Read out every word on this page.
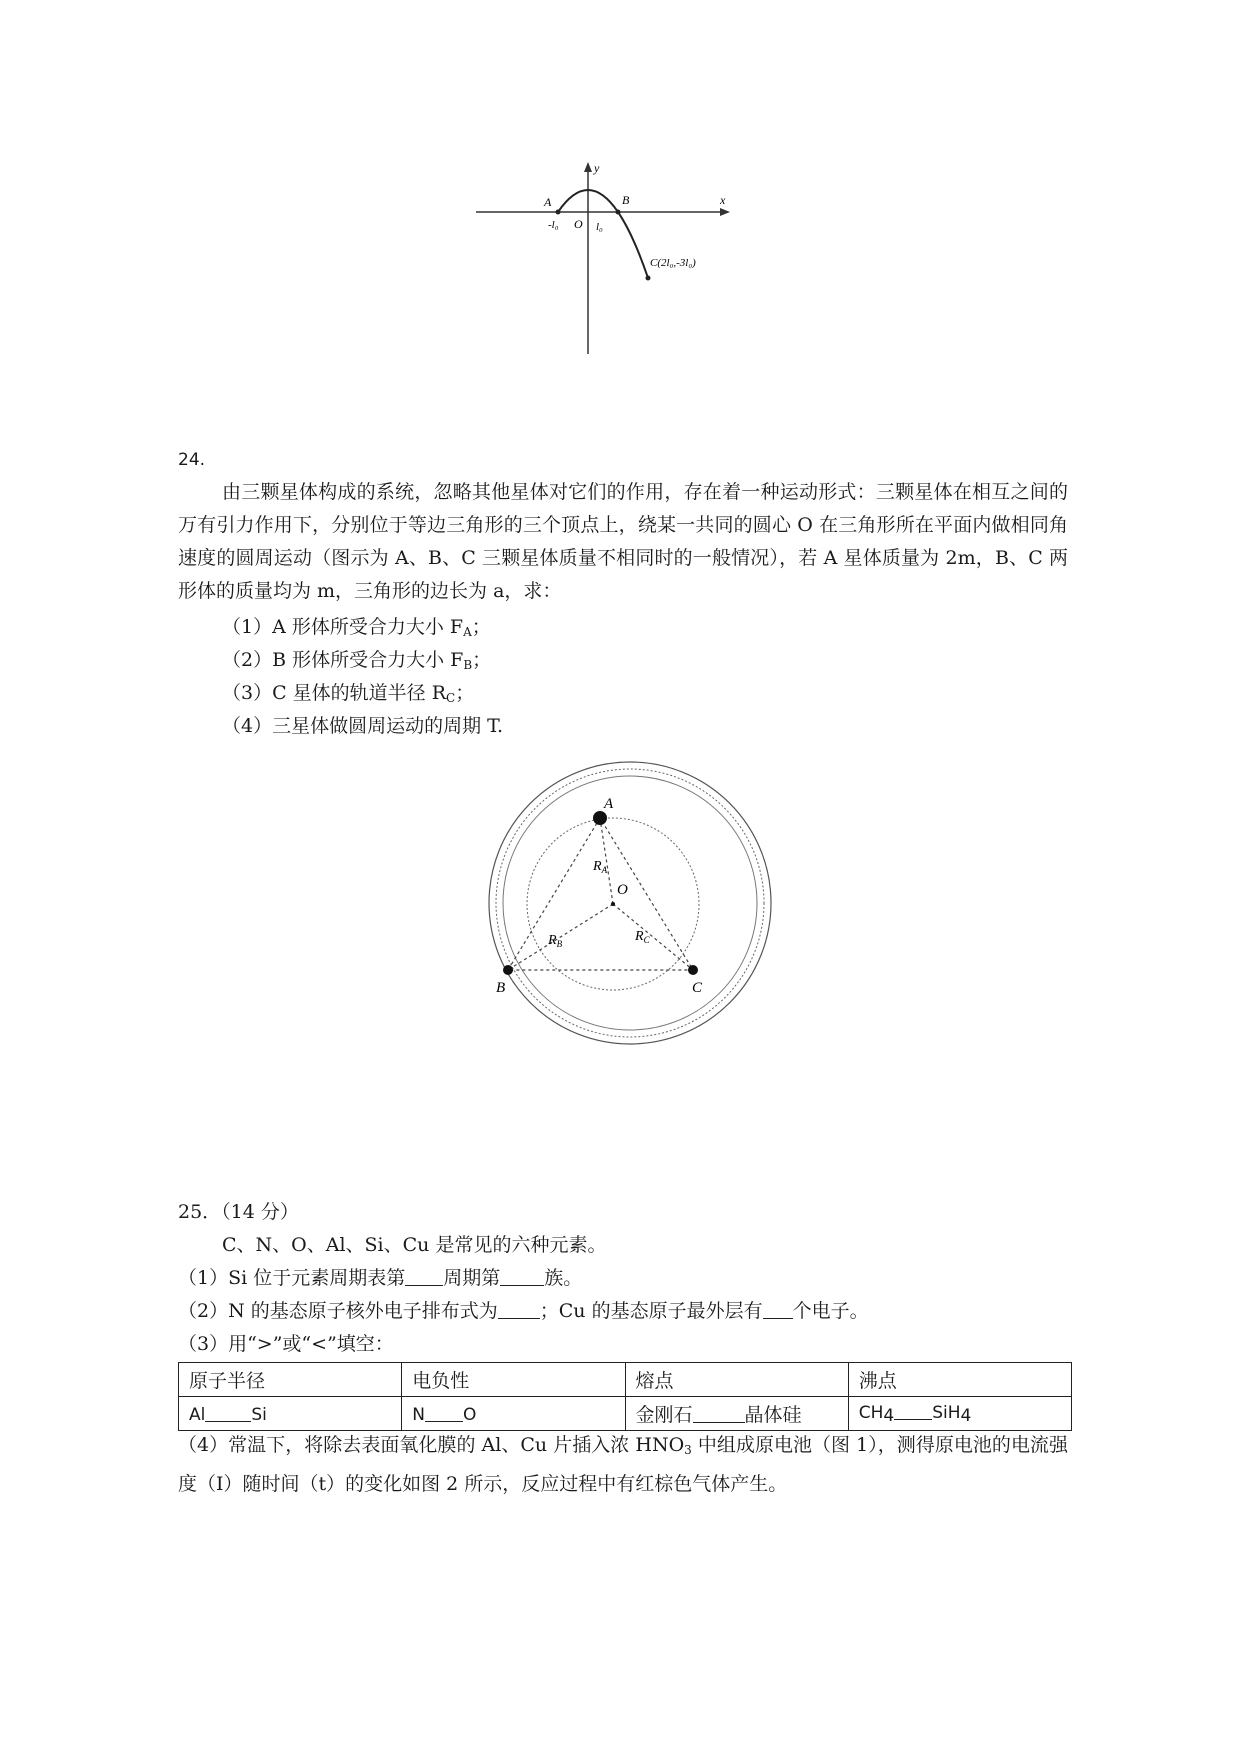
y
x
A	B
O
-l₀	l₀
C(2l₀,-3l₀)
24.
由三颗星体构成的系统，忽略其他星体对它们的作用，存在着一种运动形式：三颗星体在相互之间的万有引力作用下，分别位于等边三角形的三个顶点上，绕某一共同的圆心 O 在三角形所在平面内做相同角速度的圆周运动（图示为 A、B、C 三颗星体质量不相同时的一般情况），若 A 星体质量为 2m，B、C 两形体的质量均为 m，三角形的边长为 a，求：
（1）A 形体所受合力大小 $F_A$；
（2）B 形体所受合力大小 $F_B$；
（3）C 星体的轨道半径 $R_C$；
（4）三星体做圆周运动的周期 T.
A
B	C
O
$R_A$
$R_B$	$R_C$
25．（14 分）
C、N、O、Al、Si、Cu 是常见的六种元素。
（1）Si 位于元素周期表第 周期第 族。
（2）N 的基态原子核外电子排布式为 ；Cu 的基态原子最外层有 个电子。
（3）用“>”或“<”填空：
原子半径	电负性	熔点	沸点
Al Si	N O	金刚石 晶体硅	$CH_4$ SiH$_4$
（4）常温下，将除去表面氧化膜的 Al、Cu 片插入浓 $HNO_3$ 中组成原电池（图 1），测得原电池的电流强度（I）随时间（t）的变化如图 2 所示，反应过程中有红棕色气体产生。
